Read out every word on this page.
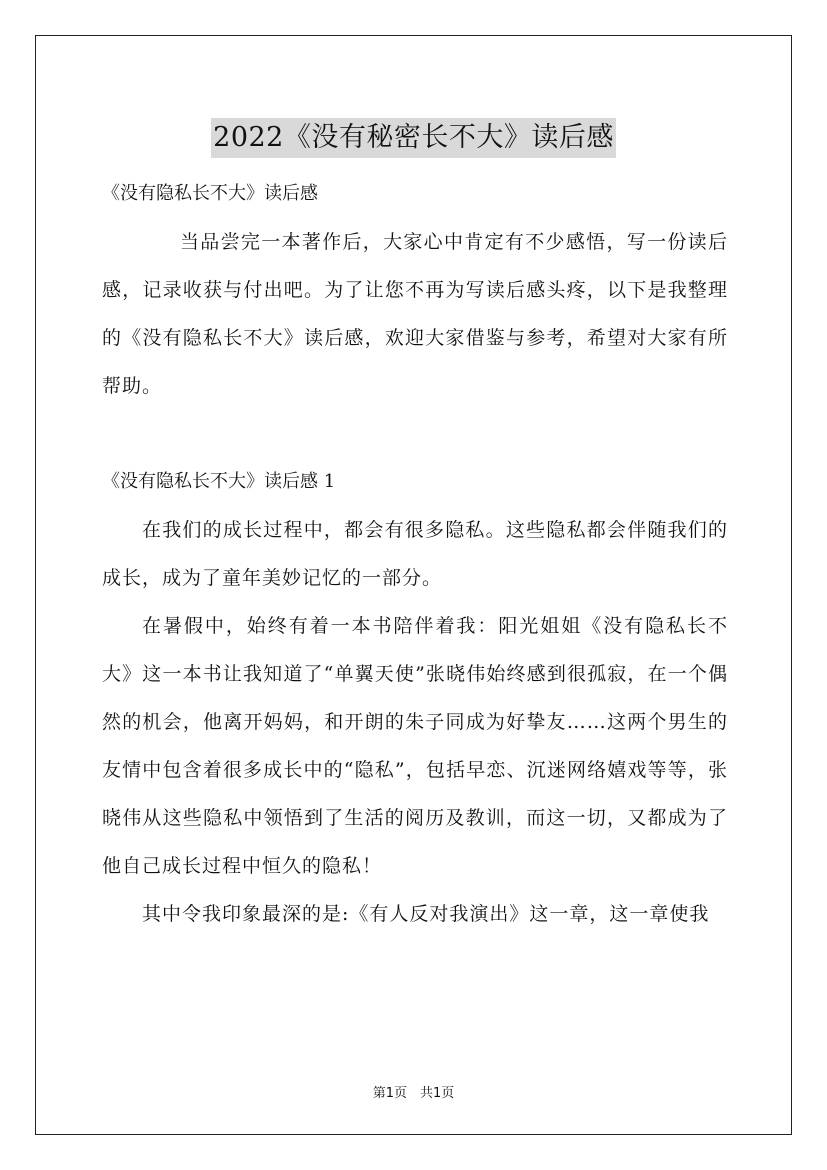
2022《没有秘密长不大》读后感

《没有隐私长不大》读后感

当品尝完一本著作后，大家心中肯定有不少感悟，写一份读后感，记录收获与付出吧。为了让您不再为写读后感头疼，以下是我整理的《没有隐私长不大》读后感，欢迎大家借鉴与参考，希望对大家有所帮助。

《没有隐私长不大》读后感 1

在我们的成长过程中，都会有很多隐私。这些隐私都会伴随我们的成长，成为了童年美妙记忆的一部分。

在暑假中，始终有着一本书陪伴着我：阳光姐姐《没有隐私长不大》这一本书让我知道了“单翼天使”张晓伟始终感到很孤寂，在一个偶然的机会，他离开妈妈，和开朗的朱子同成为好挚友……这两个男生的友情中包含着很多成长中的“隐私”，包括早恋、沉迷网络嬉戏等等，张晓伟从这些隐私中领悟到了生活的阅历及教训，而这一切，又都成为了他自己成长过程中恒久的隐私！

其中令我印象最深的是:《有人反对我演出》这一章，这一章使我

第1页　共1页
